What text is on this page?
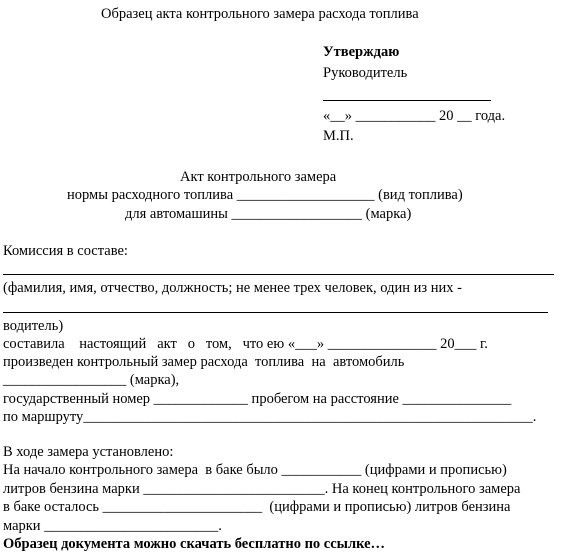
Образец акта контрольного замера расхода топлива
Утверждаю
Руководитель
«__» ___________ 20 __ года.
М.П.
Акт контрольного замера
нормы расходного топлива ___________________ (вид топлива)
для автомашины __________________ (марка)
Комиссия в составе:
(фамилия, имя, отчество, должность; не менее трех человек, один из них -
водитель)
составила    настоящий   акт   о   том,   что ею «___» _______________ 20___ г.
произведен контрольный замер расхода  топлива  на  автомобиль
_________________ (марка),
государственный номер _____________ пробегом на расстояние _______________
по маршруту______________________________________________________________.
В ходе замера установлено:
На начало контрольного замера  в баке было ___________ (цифрами и прописью)
литров бензина марки _________________________. На конец контрольного замера
в баке осталось ______________________  (цифрами и прописью) литров бензина
марки ________________________.
Образец документа можно скачать бесплатно по ссылке…
